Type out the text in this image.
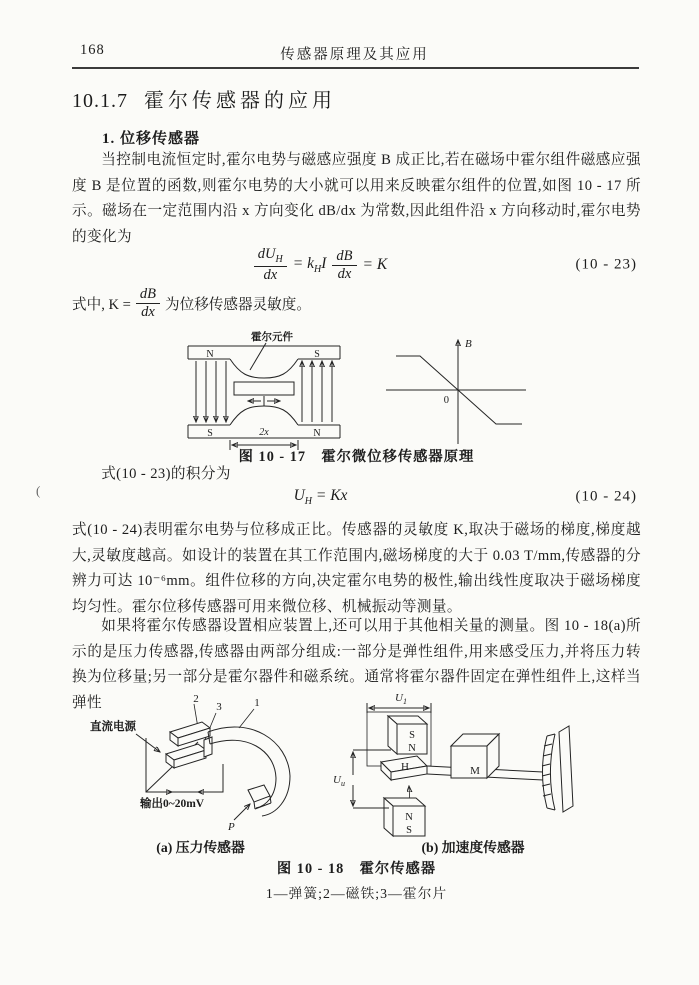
168	传感器原理及其应用
10.1.7 霍尔传感器的应用
1. 位移传感器
当控制电流恒定时,霍尔电势与磁感应强度 B 成正比,若在磁场中霍尔组件磁感应强度 B 是位置的函数,则霍尔电势的大小就可以用来反映霍尔组件的位置,如图 10 - 17 所示。磁场在一定范围内沿 x 方向变化 dB/dx 为常数,因此组件沿 x 方向移动时,霍尔电势的变化为
$\frac{dU_H}{dx} = k_HI \frac{dB}{dx} = K$	(10 - 23)
式中, $K = \frac{dB}{dx}$ 为位移传感器灵敏度。
霍尔元件
N	S
S	N
2x
B
0
图 10 - 17　霍尔微位移传感器原理
式(10 - 23)的积分为
$U_H = Kx$	(10 - 24)
式(10 - 24)表明霍尔电势与位移成正比。传感器的灵敏度 K,取决于磁场的梯度,梯度越大,灵敏度越高。如设计的装置在其工作范围内,磁场梯度的大于 0.03 T/mm,传感器的分辨力可达 10⁻⁶mm。组件位移的方向,决定霍尔电势的极性,输出线性度取决于磁场梯度均匀性。霍尔位移传感器可用来微位移、机械振动等测量。
如果将霍尔传感器设置相应装置上,还可以用于其他相关量的测量。图 10 - 18(a)所示的是压力传感器,传感器由两部分组成:一部分是弹性组件,用来感受压力,并将压力转换为位移量;另一部分是霍尔器件和磁系统。通常将霍尔器件固定在弹性组件上,这样当弹性
直流电源
2
3	1
P
输出0~20mV
$U_1$
S
N
H	M
N
S
$U_u$
(a) 压力传感器	(b) 加速度传感器
图 10 - 18　霍尔传感器
1—弹簧;2—磁铁;3—霍尔片
(
